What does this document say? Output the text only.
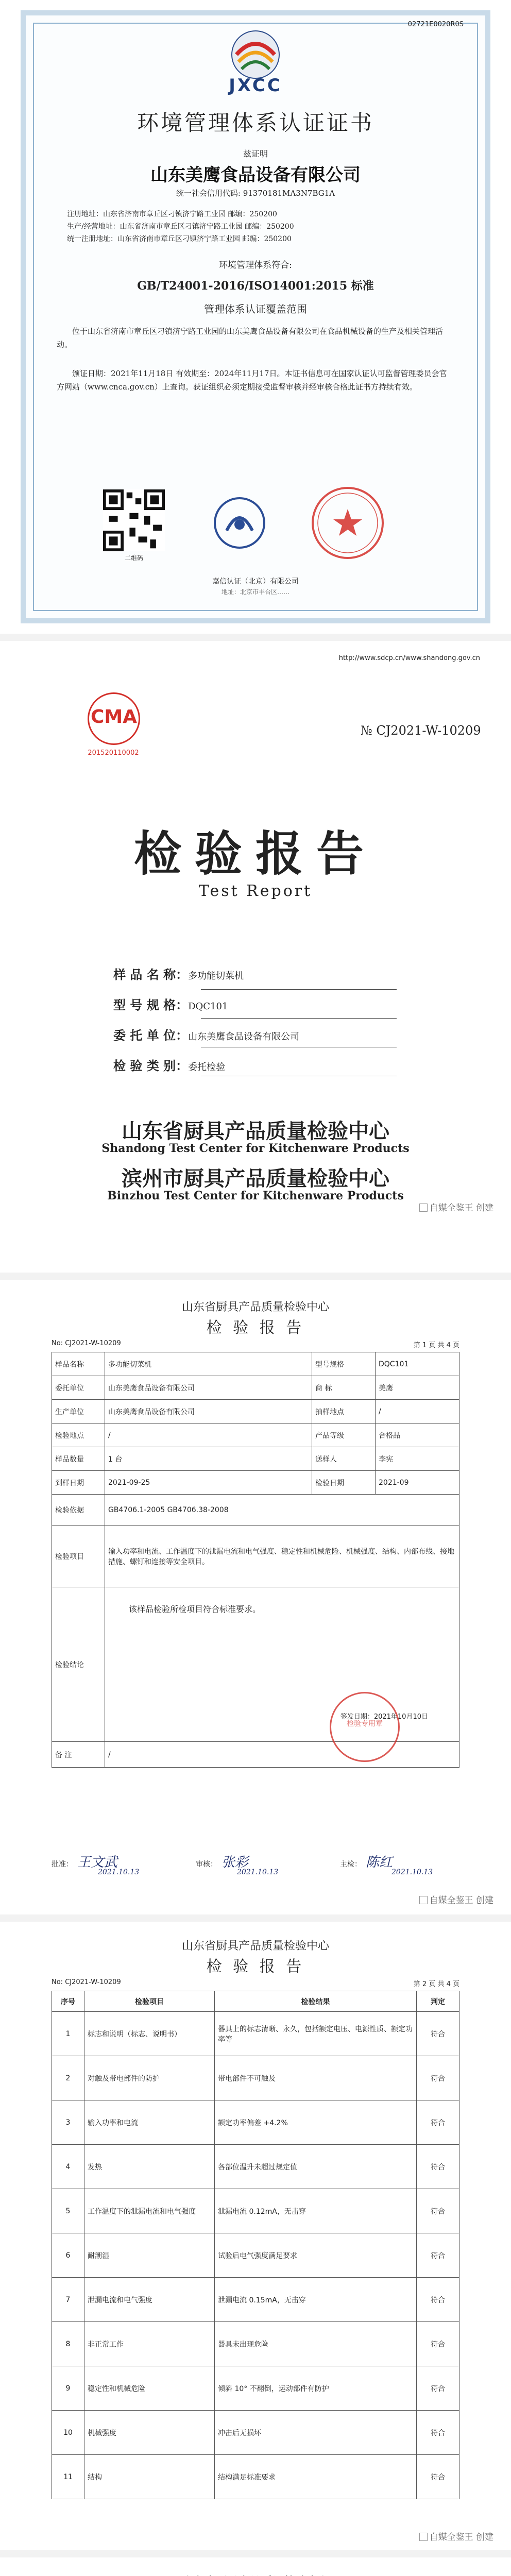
02721E0020R0S
JXCC
环境管理体系认证证书
兹证明
山东美鹰食品设备有限公司
统一社会信用代码: 91370181MA3N7BG1A
注册地址：山东省济南市章丘区刁镇济宁路工业园 邮编：250200
生产/经营地址：山东省济南市章丘区刁镇济宁路工业园 邮编：250200
统一注册地址：山东省济南市章丘区刁镇济宁路工业园 邮编：250200
环境管理体系符合:
GB/T24001-2016/ISO14001:2015 标准
管理体系认证覆盖范围
位于山东省济南市章丘区刁镇济宁路工业园的山东美鹰食品设备有限公司在食品机械设备的生产及相关管理活动。
颁证日期：2021年11月18日 有效期至：2024年11月17日。本证书信息可在国家认证认可监督管理委员会官方网站（www.cnca.gov.cn）上查询。获证组织必须定期接受监督审核并经审核合格此证书方持续有效。
二维码
嘉信认证（北京）有限公司
地址：北京市丰台区……
http://www.sdcp.cn/www.shandong.gov.cn
CMA
201520110002
№ CJ2021-W-10209
检验报告
Test Report
样 品 名 称：多功能切菜机
型 号 规 格：DQC101
委 托 单 位：山东美鹰食品设备有限公司
检 验 类 别：委托检验
山东省厨具产品质量检验中心
Shandong Test Center for Kitchenware Products
滨州市厨具产品质量检验中心
Binzhou Test Center for Kitchenware Products
自媒全鉴王 创建
山东省厨具产品质量检验中心
检 验 报 告
No: CJ2021-W-10209	第 1 页 共 4 页
样品名称	多功能切菜机	型号规格	DQC101
委托单位	山东美鹰食品设备有限公司	商 标	美鹰
生产单位	山东美鹰食品设备有限公司	抽样地点	/
检验地点	/	产品等级	合格品
样品数量	1 台	送样人	李宪
到样日期	2021-09-25	检验日期	2021-09
检验依据	GB4706.1-2005 GB4706.38-2008		
检验项目	输入功率和电流、工作温度下的泄漏电流和电气强度、稳定性和机械危险、机械强度、结构、内部布线、接地措施、螺钉和连接等安全项目。		
检验结论	该样品检验所检项目符合标准要求。
签发日期：2021年10月10日		

备 注	/		
检验专用章
批准： 王文武
2021.10.13
审核： 张彩
2021.10.13
主检： 陈红
2021.10.13
自媒全鉴王 创建
山东省厨具产品质量检验中心
检 验 报 告
No: CJ2021-W-10209	第 2 页 共 4 页
序号	检验项目	检验结果	判定
1	标志和说明（标志、说明书）	器具上的标志清晰、永久，包括额定电压、电源性质、额定功率等	符合
2	对触及带电部件的防护	带电部件不可触及	符合
3	输入功率和电流	额定功率偏差 +4.2%	符合
4	发热	各部位温升未超过规定值	符合
5	工作温度下的泄漏电流和电气强度	泄漏电流 0.12mA，无击穿	符合
6	耐潮湿	试验后电气强度满足要求	符合
7	泄漏电流和电气强度	泄漏电流 0.15mA，无击穿	符合
8	非正常工作	器具未出现危险	符合
9	稳定性和机械危险	倾斜 10° 不翻倒，运动部件有防护	符合
10	机械强度	冲击后无损坏	符合
11	结构	结构满足标准要求	符合
自媒全鉴王 创建
